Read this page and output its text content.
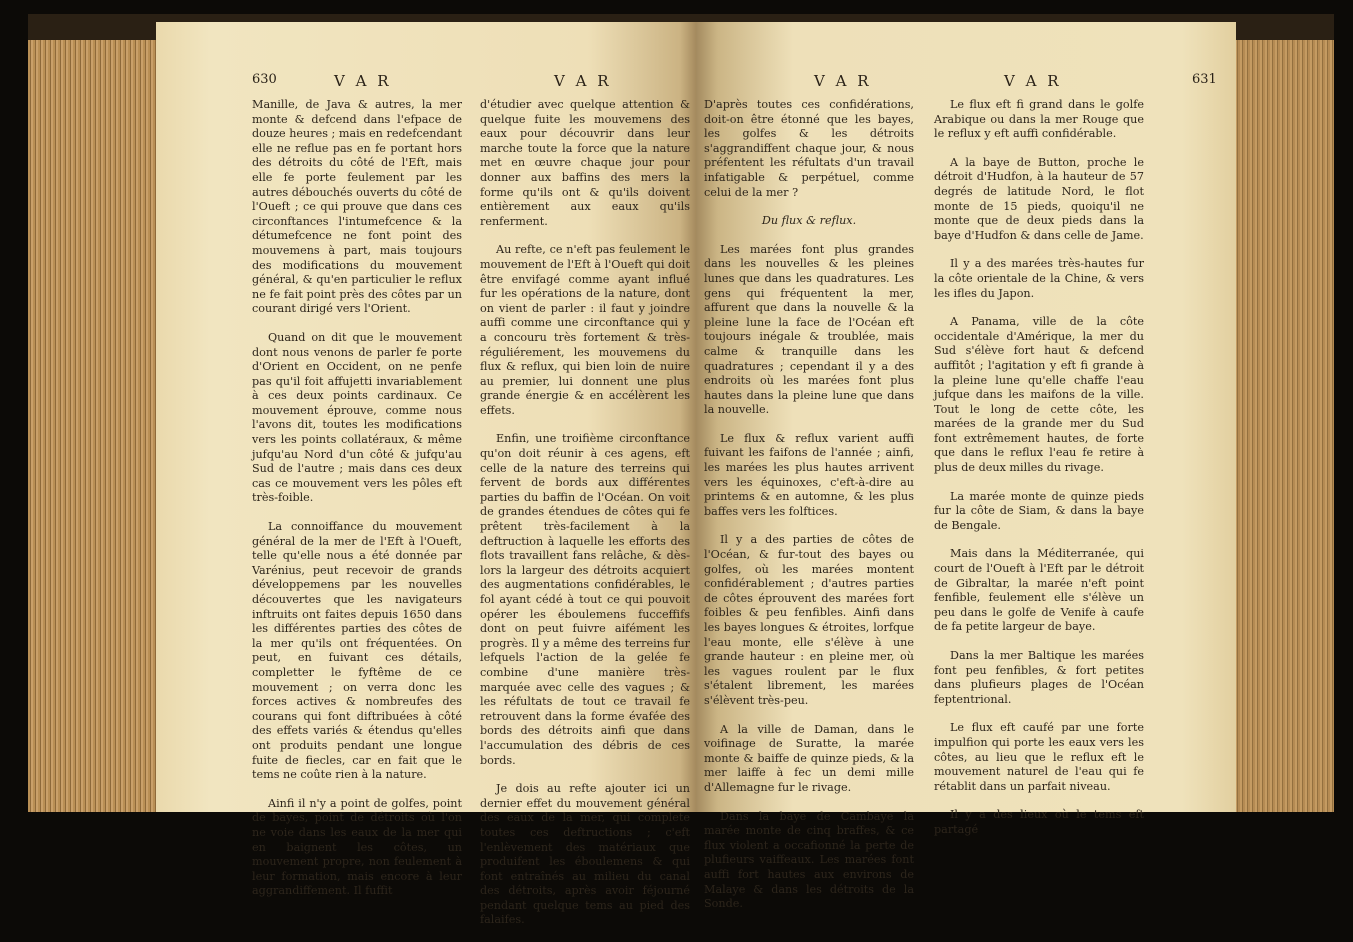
630	V A R	V A R

Manille, de Java & autres, la mer monte & defcend dans l'efpace de douze heures ; mais en redefcendant elle ne reflue pas en fe portant hors des détroits du côté de l'Eft, mais elle fe porte feulement par les autres débouchés ouverts du côté de l'Oueft ; ce qui prouve que dans ces circonftances l'intumefcence & la détumefcence ne font point des mouvemens à part, mais toujours des modifications du mouvement général, & qu'en particulier le reflux ne fe fait point près des côtes par un courant dirigé vers l'Orient.

Quand on dit que le mouvement dont nous venons de parler fe porte d'Orient en Occident, on ne penfe pas qu'il foit affujetti invariablement à ces deux points cardinaux. Ce mouvement éprouve, comme nous l'avons dit, toutes les modifications vers les points collatéraux, & même jufqu'au Nord d'un côté & jufqu'au Sud de l'autre ; mais dans ces deux cas ce mouvement vers les pôles eft très-foible.

La connoiffance du mouvement général de la mer de l'Eft à l'Oueft, telle qu'elle nous a été donnée par Varénius, peut recevoir de grands développemens par les nouvelles découvertes que les navigateurs inftruits ont faites depuis 1650 dans les différentes parties des côtes de la mer qu'ils ont fréquentées. On peut, en fuivant ces détails, completter le fyftême de ce mouvement ; on verra donc les forces actives & nombreufes des courans qui font diftribuées à côté des effets variés & étendus qu'elles ont produits pendant une longue fuite de fiecles, car en fait que le tems ne coûte rien à la nature.

Ainfi il n'y a point de golfes, point de bayes, point de détroits où l'on ne voie dans les eaux de la mer qui en baignent les côtes, un mouvement propre, non feulement à leur formation, mais encore à leur aggrandiffement. Il fuffit

d'étudier avec quelque attention & quelque fuite les mouvemens des eaux pour découvrir dans leur marche toute la force que la nature met en œuvre chaque jour pour donner aux baffins des mers la forme qu'ils ont & qu'ils doivent entièrement aux eaux qu'ils renferment.

Au refte, ce n'eft pas feulement le mouvement de l'Eft à l'Oueft qui doit être envifagé comme ayant influé fur les opérations de la nature, dont on vient de parler : il faut y joindre auffi comme une circonftance qui y a concouru très fortement & très-réguliérement, les mouvemens du flux & reflux, qui bien loin de nuire au premier, lui donnent une plus grande énergie & en accélèrent les effets.

Enfin, une troifième circonftance qu'on doit réunir à ces agens, eft celle de la nature des terreins qui fervent de bords aux différentes parties du baffin de l'Océan. On voit de grandes étendues de côtes qui fe prêtent très-facilement à la deftruction à laquelle les efforts des flots travaillent fans relâche, & dès-lors la largeur des détroits acquiert des augmentations confidérables, le fol ayant cédé à tout ce qui pouvoit opérer les éboulemens fucceffifs dont on peut fuivre aifément les progrès. Il y a même des terreins fur lefquels l'action de la gelée fe combine d'une manière très-marquée avec celle des vagues ; & les réfultats de tout ce travail fe retrouvent dans la forme évafée des bords des détroits ainfi que dans l'accumulation des débris de ces bords.

Je dois au refte ajouter ici un dernier effet du mouvement général des eaux de la mer, qui complete toutes ces deftructions ; c'eft l'enlèvement des matériaux que produifent les éboulemens & qui font entraînés au milieu du canal des détroits, après avoir féjourné pendant quelque tems au pied des falaifes.

V A R	V A R	631

D'après toutes ces confidérations, doit-on être étonné que les bayes, les golfes & les détroits s'aggrandiffent chaque jour, & nous préfentent les réfultats d'un travail infatigable & perpétuel, comme celui de la mer ?

Du flux & reflux.

Les marées font plus grandes dans les nouvelles & les pleines lunes que dans les quadratures. Les gens qui fréquentent la mer, affurent que dans la nouvelle & la pleine lune la face de l'Océan eft toujours inégale & troublée, mais calme & tranquille dans les quadratures ; cependant il y a des endroits où les marées font plus hautes dans la pleine lune que dans la nouvelle.

Le flux & reflux varient auffi fuivant les faifons de l'année ; ainfi, les marées les plus hautes arrivent vers les équinoxes, c'eft-à-dire au printems & en automne, & les plus baffes vers les folftices.

Il y a des parties de côtes de l'Océan, & fur-tout des bayes ou golfes, où les marées montent confidérablement ; d'autres parties de côtes éprouvent des marées fort foibles & peu fenfibles. Ainfi dans les bayes longues & étroites, lorfque l'eau monte, elle s'élève à une grande hauteur : en pleine mer, où les vagues roulent par le flux s'étalent librement, les marées s'élèvent très-peu.

A la ville de Daman, dans le voifinage de Suratte, la marée monte & baiffe de quinze pieds, & la mer laiffe à fec un demi mille d'Allemagne fur le rivage.

Dans la baye de Cambaye la marée monte de cinq braffes, & ce flux violent a occafionné la perte de plufieurs vaiffeaux. Les marées font auffi fort hautes aux environs de Malaye & dans les détroits de la Sonde.

Le flux eft fi grand dans le golfe Arabique ou dans la mer Rouge que le reflux y eft auffi confidérable.

A la baye de Button, proche le détroit d'Hudfon, à la hauteur de 57 degrés de latitude Nord, le flot monte de 15 pieds, quoiqu'il ne monte que de deux pieds dans la baye d'Hudfon & dans celle de Jame.

Il y a des marées très-hautes fur la côte orientale de la Chine, & vers les ifles du Japon.

A Panama, ville de la côte occidentale d'Amérique, la mer du Sud s'élève fort haut & defcend auffitôt ; l'agitation y eft fi grande à la pleine lune qu'elle chaffe l'eau jufque dans les maifons de la ville. Tout le long de cette côte, les marées de la grande mer du Sud font extrêmement hautes, de forte que dans le reflux l'eau fe retire à plus de deux milles du rivage.

La marée monte de quinze pieds fur la côte de Siam, & dans la baye de Bengale.

Mais dans la Méditerranée, qui court de l'Oueft à l'Eft par le détroit de Gibraltar, la marée n'eft point fenfible, feulement elle s'élève un peu dans le golfe de Venife à caufe de fa petite largeur de baye.

Dans la mer Baltique les marées font peu fenfibles, & fort petites dans plufieurs plages de l'Océan feptentrional.

Le flux eft caufé par une forte impulfion qui porte les eaux vers les côtes, au lieu que le reflux eft le mouvement naturel de l'eau qui fe rétablit dans un parfait niveau.

Il y a des lieux où le tems eft partagé
